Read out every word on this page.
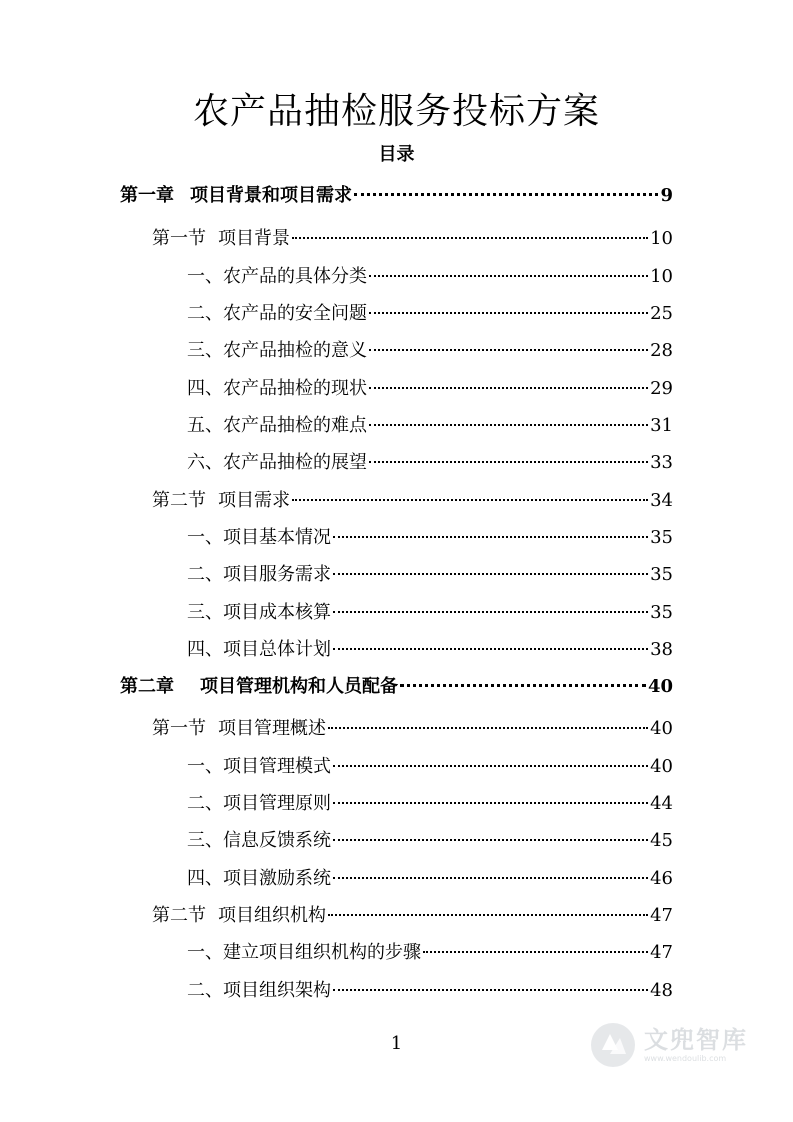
农产品抽检服务投标方案
目录
第一章 项目背景和项目需求	9
第一节 项目背景	10
一、农产品的具体分类	10
二、农产品的安全问题	25
三、农产品抽检的意义	28
四、农产品抽检的现状	29
五、农产品抽检的难点	31
六、农产品抽检的展望	33
第二节 项目需求	34
一、项目基本情况	35
二、项目服务需求	35
三、项目成本核算	35
四、项目总体计划	38
第二章 项目管理机构和人员配备	40
第一节 项目管理概述	40
一、项目管理模式	40
二、项目管理原则	44
三、信息反馈系统	45
四、项目激励系统	46
第二节 项目组织机构	47
一、建立项目组织机构的步骤	47
二、项目组织架构	48
1	文兜智库
www.wendoulib.com
